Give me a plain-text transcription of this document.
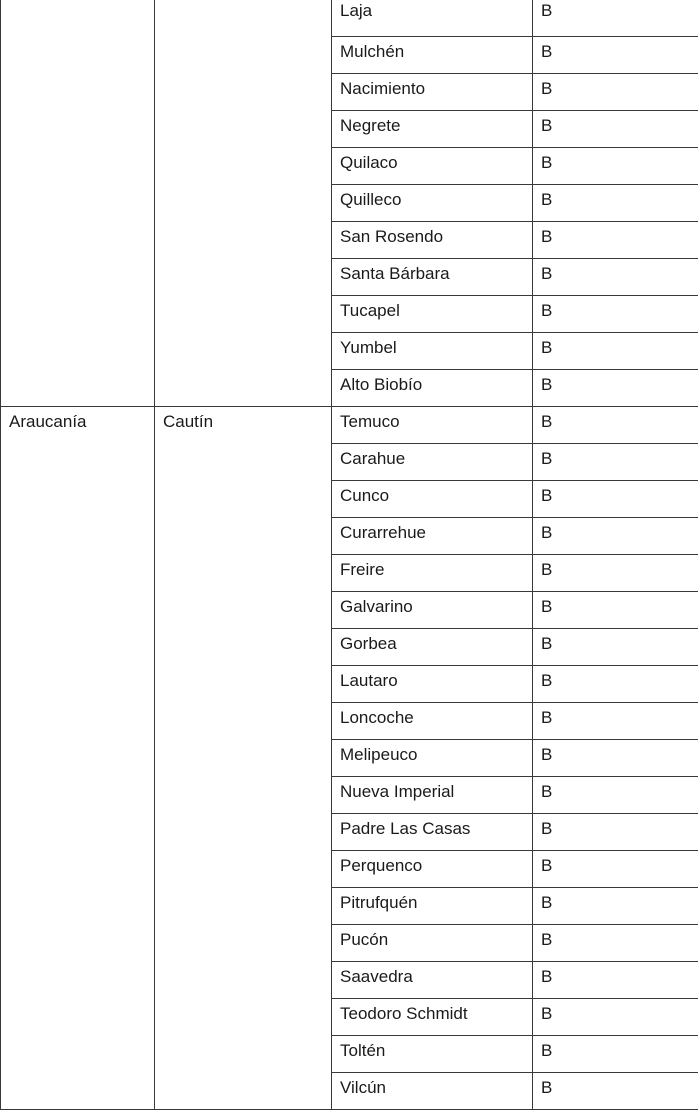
		Laja	B
		Mulchén	B
		Nacimiento	B
		Negrete	B
		Quilaco	B
		Quilleco	B
		San Rosendo	B
		Santa Bárbara	B
		Tucapel	B
		Yumbel	B
		Alto Biobío	B
Araucanía	Cautín	Temuco	B
		Carahue	B
		Cunco	B
		Curarrehue	B
		Freire	B
		Galvarino	B
		Gorbea	B
		Lautaro	B
		Loncoche	B
		Melipeuco	B
		Nueva Imperial	B
		Padre Las Casas	B
		Perquenco	B
		Pitrufquén	B
		Pucón	B
		Saavedra	B
		Teodoro Schmidt	B
		Toltén	B
		Vilcún	B
